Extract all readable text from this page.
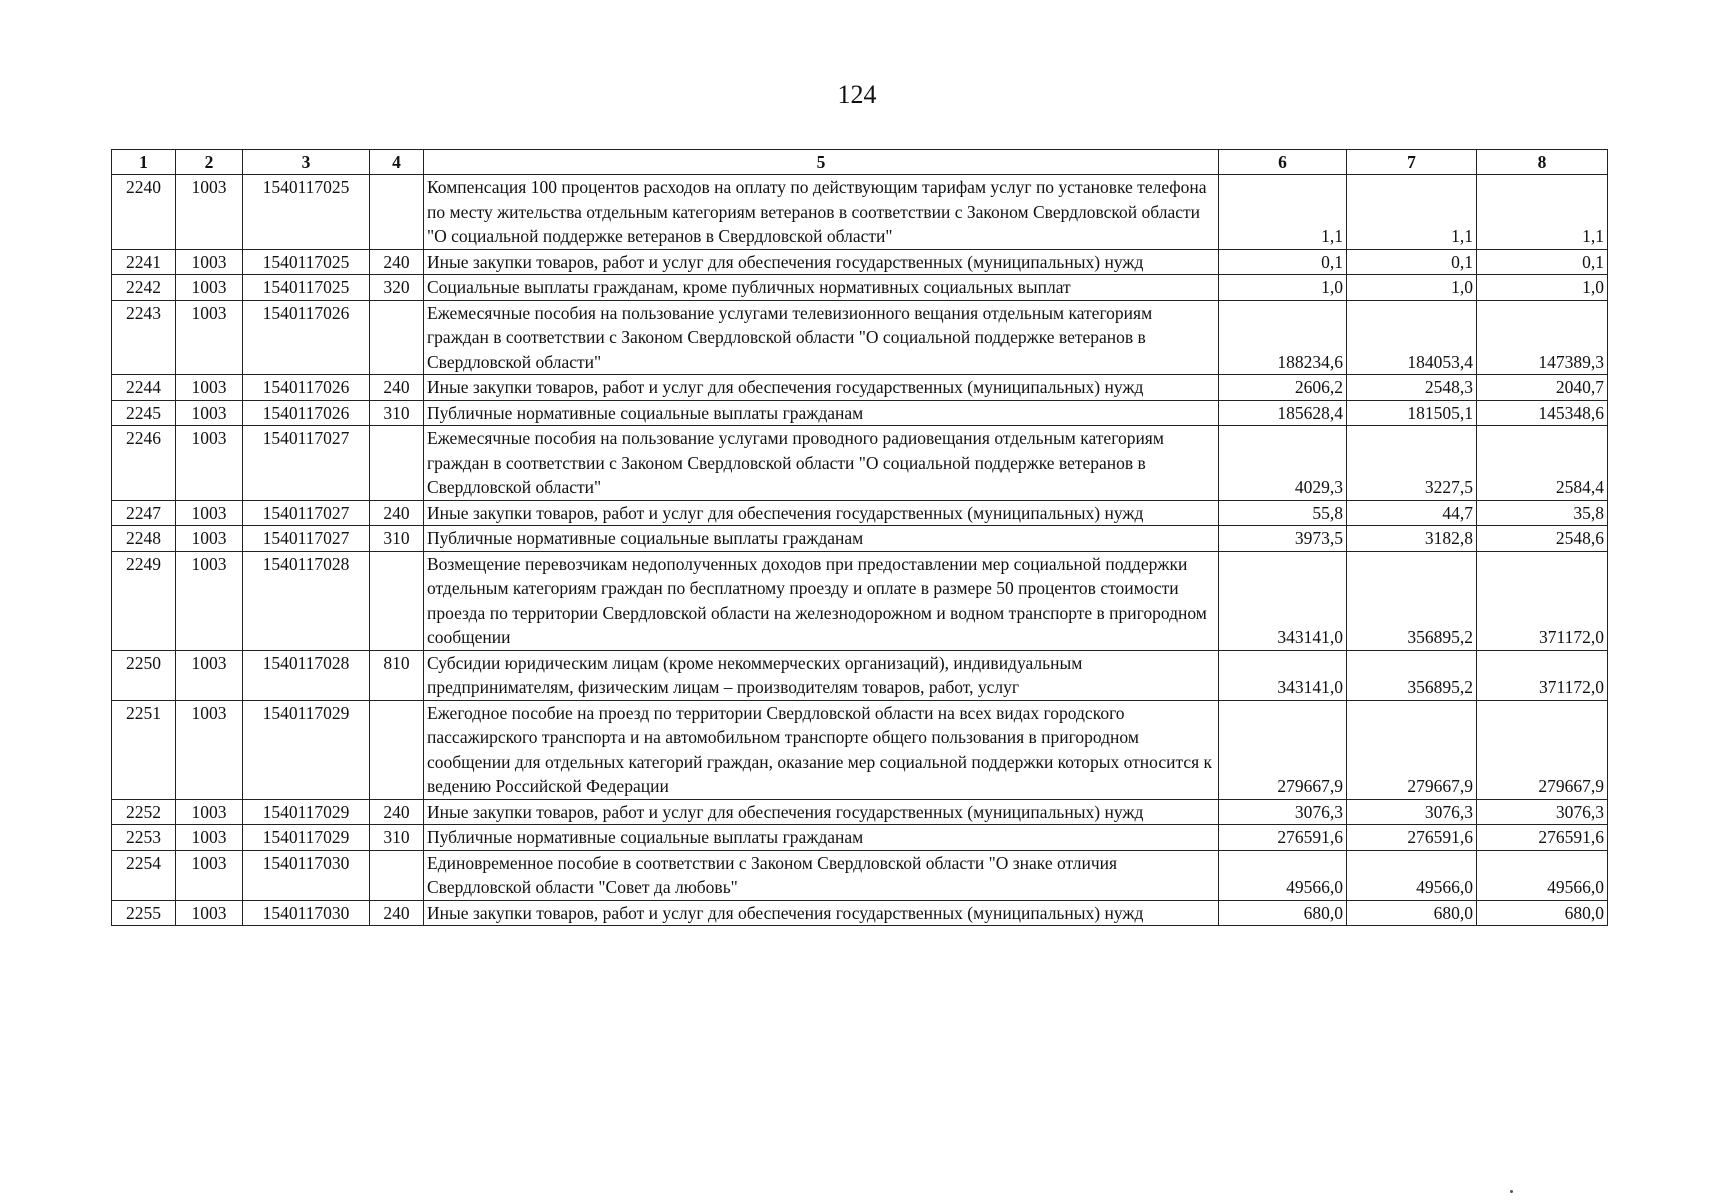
124
1	2	3	4	5	6	7	8
2240	1003	1540117025		Компенсация 100 процентов расходов на оплату по действующим тарифам услуг по установке телефона по месту жительства отдельным категориям ветеранов в соответствии с Законом Свердловской области "О социальной поддержке ветеранов в Свердловской области"	1,1	1,1	1,1
2241	1003	1540117025	240	Иные закупки товаров, работ и услуг для обеспечения государственных (муниципальных) нужд	0,1	0,1	0,1
2242	1003	1540117025	320	Социальные выплаты гражданам, кроме публичных нормативных социальных выплат	1,0	1,0	1,0
2243	1003	1540117026		Ежемесячные пособия на пользование услугами телевизионного вещания отдельным категориям граждан в соответствии с Законом Свердловской области "О социальной поддержке ветеранов в Свердловской области"	188234,6	184053,4	147389,3
2244	1003	1540117026	240	Иные закупки товаров, работ и услуг для обеспечения государственных (муниципальных) нужд	2606,2	2548,3	2040,7
2245	1003	1540117026	310	Публичные нормативные социальные выплаты гражданам	185628,4	181505,1	145348,6
2246	1003	1540117027		Ежемесячные пособия на пользование услугами проводного радиовещания отдельным категориям граждан в соответствии с Законом Свердловской области "О социальной поддержке ветеранов в Свердловской области"	4029,3	3227,5	2584,4
2247	1003	1540117027	240	Иные закупки товаров, работ и услуг для обеспечения государственных (муниципальных) нужд	55,8	44,7	35,8
2248	1003	1540117027	310	Публичные нормативные социальные выплаты гражданам	3973,5	3182,8	2548,6
2249	1003	1540117028		Возмещение перевозчикам недополученных доходов при предоставлении мер социальной поддержки отдельным категориям граждан по бесплатному проезду и оплате в размере 50 процентов стоимости проезда по территории Свердловской области на железнодорожном и водном транспорте в пригородном сообщении	343141,0	356895,2	371172,0
2250	1003	1540117028	810	Субсидии юридическим лицам (кроме некоммерческих организаций), индивидуальным предпринимателям, физическим лицам – производителям товаров, работ, услуг	343141,0	356895,2	371172,0
2251	1003	1540117029		Ежегодное пособие на проезд по территории Свердловской области на всех видах городского пассажирского транспорта и на автомобильном транспорте общего пользования в пригородном сообщении для отдельных категорий граждан, оказание мер социальной поддержки которых относится к ведению Российской Федерации	279667,9	279667,9	279667,9
2252	1003	1540117029	240	Иные закупки товаров, работ и услуг для обеспечения государственных (муниципальных) нужд	3076,3	3076,3	3076,3
2253	1003	1540117029	310	Публичные нормативные социальные выплаты гражданам	276591,6	276591,6	276591,6
2254	1003	1540117030		Единовременное пособие в соответствии с Законом Свердловской области "О знаке отличия Свердловской области "Совет да любовь"	49566,0	49566,0	49566,0
2255	1003	1540117030	240	Иные закупки товаров, работ и услуг для обеспечения государственных (муниципальных) нужд	680,0	680,0	680,0
